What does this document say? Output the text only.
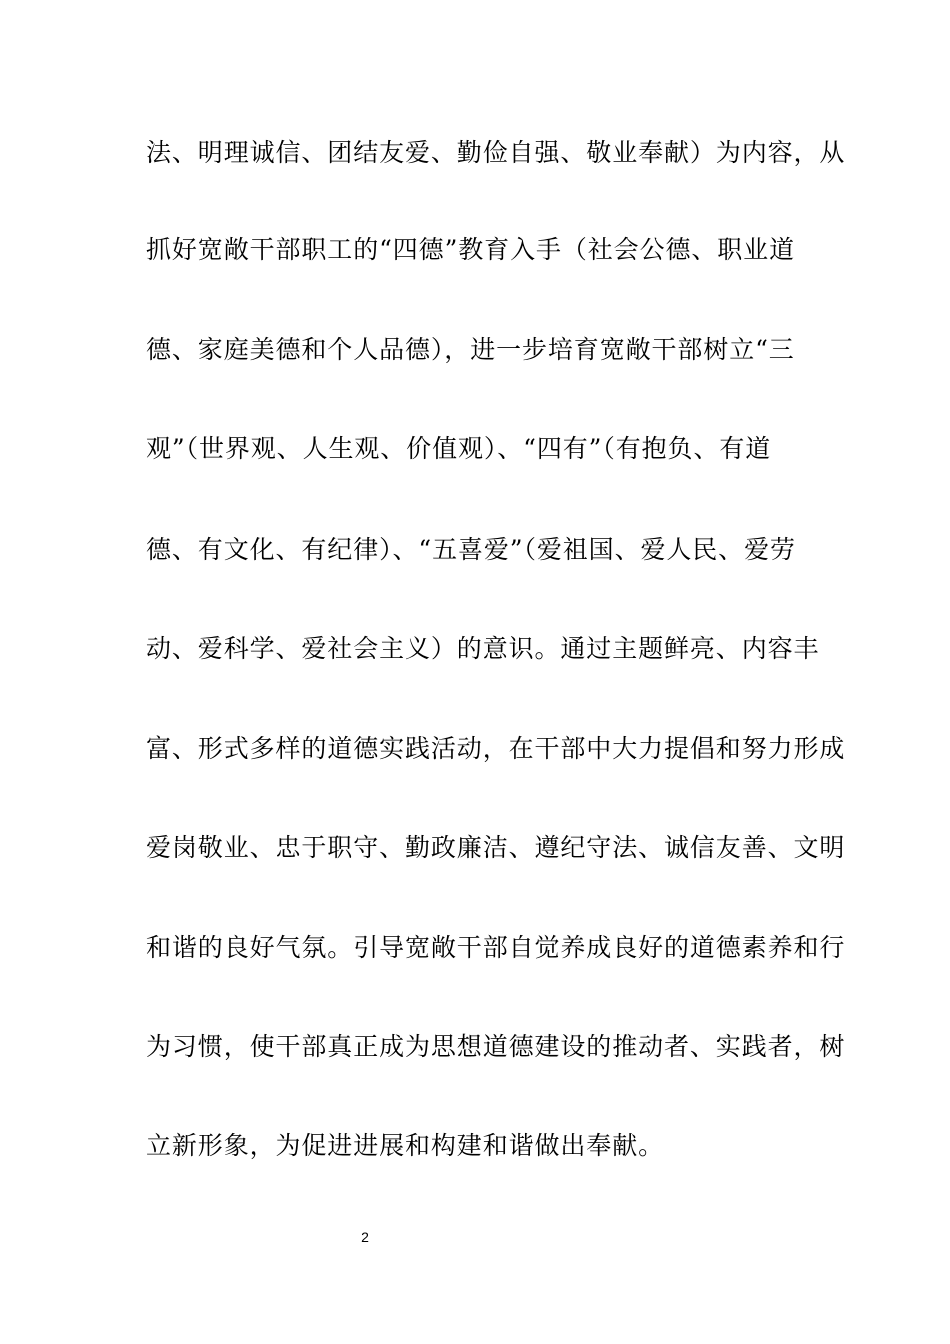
法、明理诚信、团结友爱、勤俭自强、敬业奉献）为内容，从
抓好宽敞干部职工的“四德”教育入手（社会公德、职业道
德、家庭美德和个人品德），进一步培育宽敞干部树立“三
观”（世界观、人生观、价值观）、“四有”（有抱负、有道
德、有文化、有纪律）、“五喜爱”（爱祖国、爱人民、爱劳
动、爱科学、爱社会主义）的意识。通过主题鲜亮、内容丰
富、形式多样的道德实践活动，在干部中大力提倡和努力形成
爱岗敬业、忠于职守、勤政廉洁、遵纪守法、诚信友善、文明
和谐的良好气氛。引导宽敞干部自觉养成良好的道德素养和行
为习惯，使干部真正成为思想道德建设的推动者、实践者，树
立新形象，为促进进展和构建和谐做出奉献。
2
